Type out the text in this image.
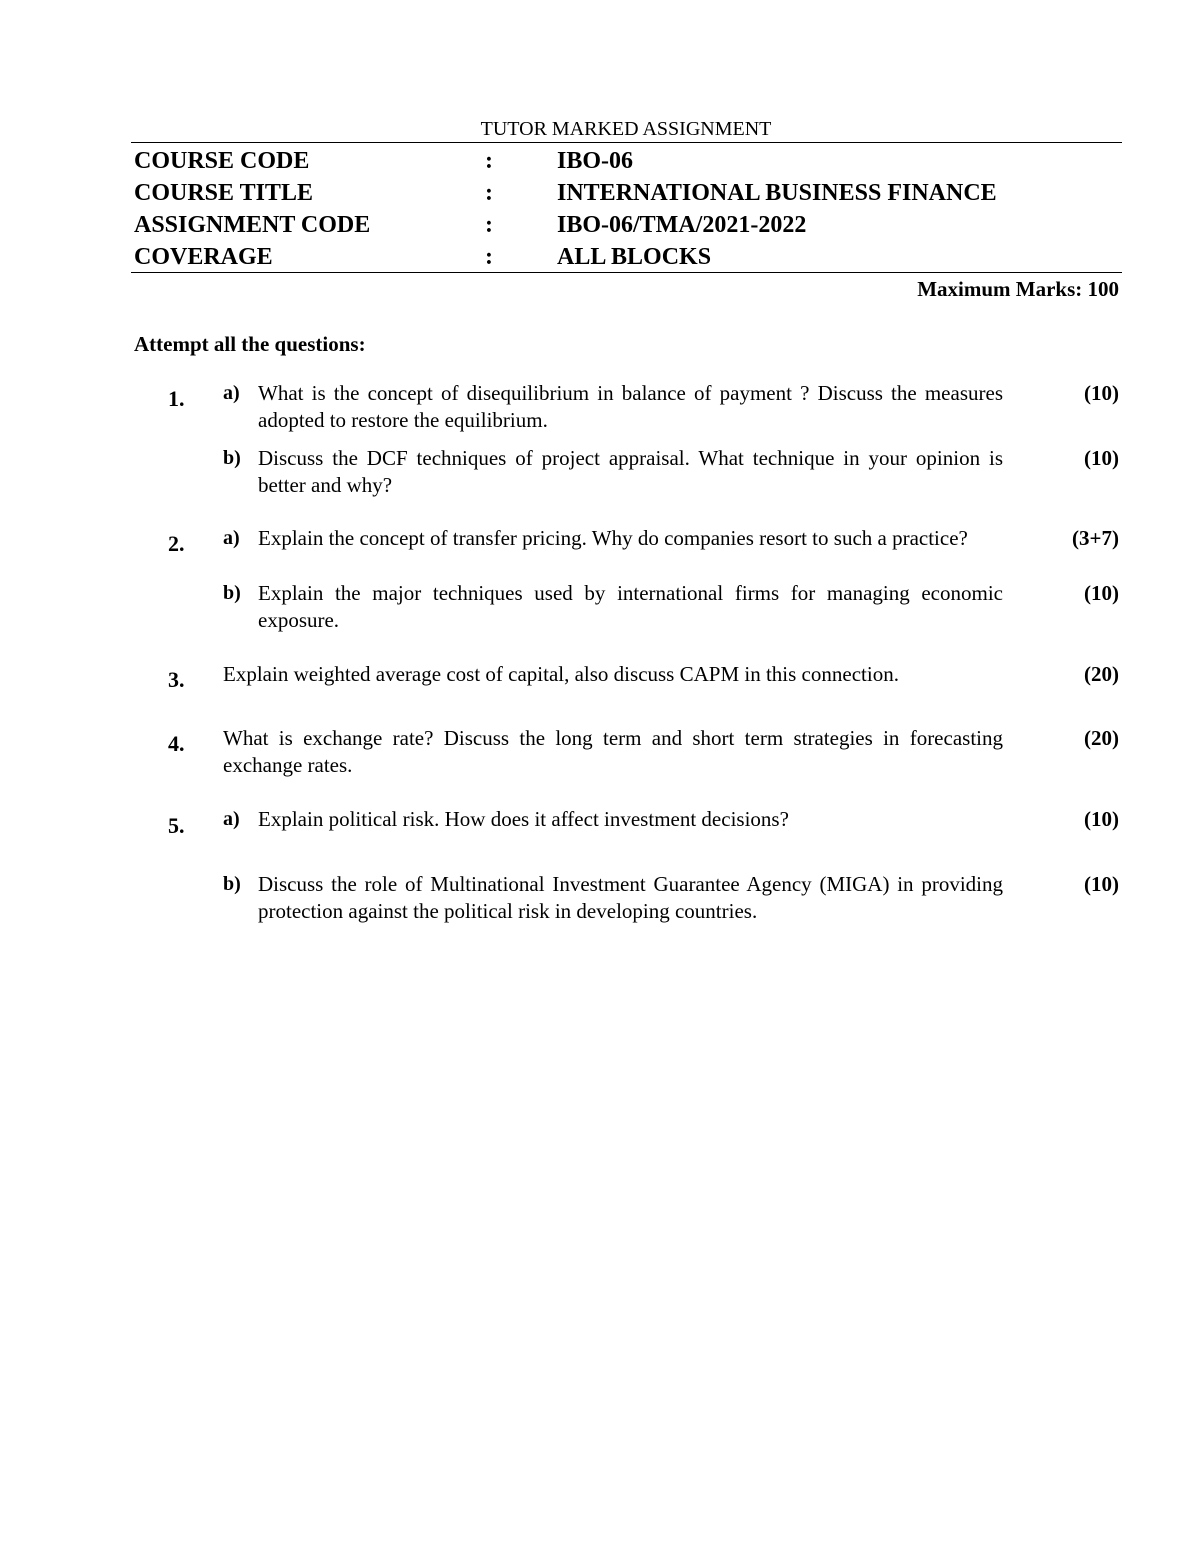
TUTOR MARKED ASSIGNMENT
COURSE CODE	:	IBO-06
COURSE TITLE	:	INTERNATIONAL BUSINESS FINANCE
ASSIGNMENT CODE	:	IBO-06/TMA/2021-2022
COVERAGE	:	ALL BLOCKS
Maximum Marks: 100
Attempt all the questions:
1. a) What is the concept of disequilibrium in balance of payment ? Discuss the measures adopted to restore the equilibrium.
(10)
b) Discuss the DCF techniques of project appraisal. What technique in your opinion is better and why?
(10)
2. a) Explain the concept of transfer pricing. Why do companies resort to such a practice?	(3+7)
b) Explain the major techniques used by international firms for managing economic exposure.
(10)
3. Explain weighted average cost of capital, also discuss CAPM in this connection.	(20)
4. What is exchange rate? Discuss the long term and short term strategies in forecasting exchange rates.
(20)
5. a) Explain political risk. How does it affect investment decisions?	(10)
b) Discuss the role of Multinational Investment Guarantee Agency (MIGA) in providing protection against the political risk in developing countries.
(10)
